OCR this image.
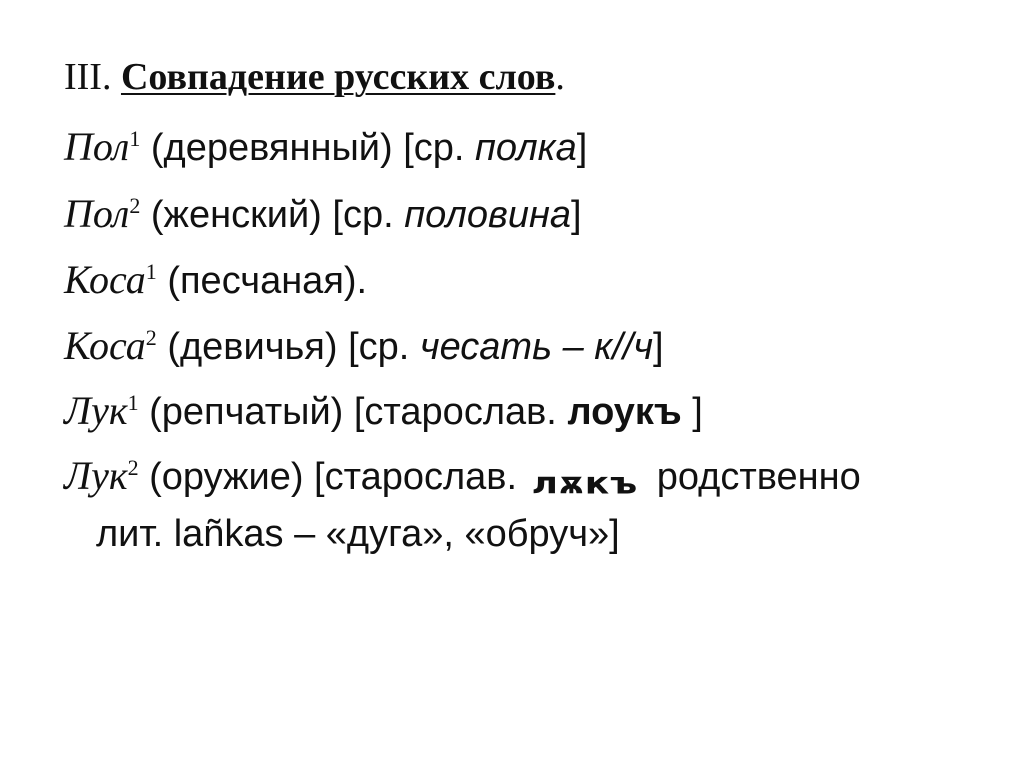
III. Совпадение русских слов.
Пол$^1$ (деревянный) [ср. полка]
Пол$^2$ (женский) [ср. половина]
Коса$^1$ (песчаная).
Коса$^2$ (девичья) [ср. чесать – к//ч]
Лук$^1$ (репчатый) [старослав. лоукъ ]
Лук$^2$ (оружие) [старослав. лѫкъ родственно
лит. lañkas – «дуга», «обруч»]
